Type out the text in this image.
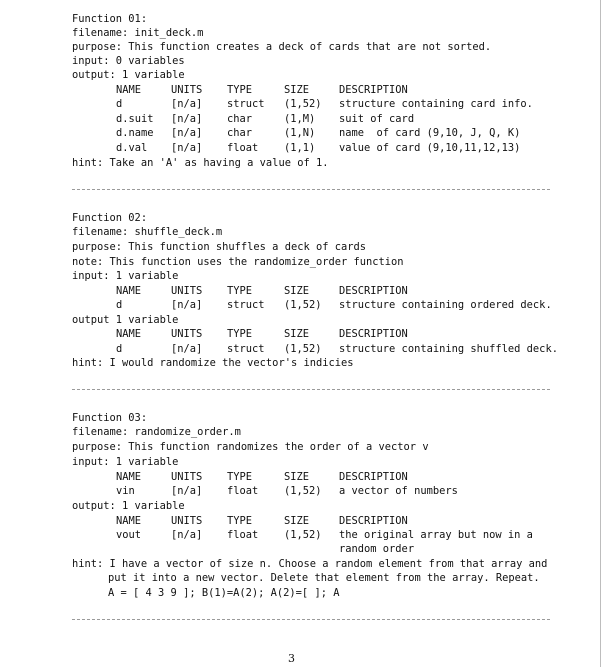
Function 01:
filename: init_deck.m
purpose: This function creates a deck of cards that are not sorted.
input: 0 variables
output: 1 variable
NAME	UNITS TYPE	SIZE	DESCRIPTION
d	[n/a] struct (1,52) structure containing card info.
d.suit [n/a] char	(1,M) suit of card
d.name [n/a] char	(1,N) name  of card (9,10, J, Q, K)
d.val [n/a] float (1,1) value of card (9,10,11,12,13)
hint: Take an 'A' as having a value of 1.
Function 02:
filename: shuffle_deck.m
purpose: This function shuffles a deck of cards
note: This function uses the randomize_order function
input: 1 variable
NAME	UNITS TYPE	SIZE	DESCRIPTION
d	[n/a] struct (1,52) structure containing ordered deck.
output 1 variable
NAME	UNITS TYPE	SIZE	DESCRIPTION
d	[n/a] struct (1,52) structure containing shuffled deck.
hint: I would randomize the vector's indicies
Function 03:
filename: randomize_order.m
purpose: This function randomizes the order of a vector v
input: 1 variable
NAME	UNITS TYPE	SIZE	DESCRIPTION
vin	[n/a] float (1,52) a vector of numbers
output: 1 variable
NAME	UNITS TYPE	SIZE	DESCRIPTION
vout	[n/a] float (1,52) the original array but now in a
random order
hint: I have a vector of size n. Choose a random element from that array and
put it into a new vector. Delete that element from the array. Repeat.
A = [ 4 3 9 ]; B(1)=A(2); A(2)=[ ]; A
3
